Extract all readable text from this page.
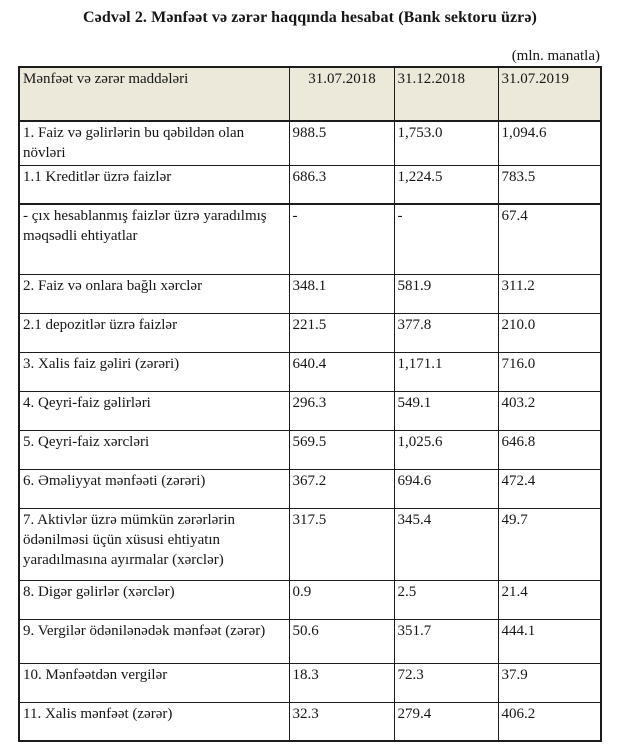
Cədvəl 2. Mənfəət və zərər haqqında hesabat (Bank sektoru üzrə)
(mln. manatla)
Mənfəət və zərər maddələri	31.07.2018	31.12.2018	31.07.2019
1. Faiz və gəlirlərin bu qəbildən olan növləri	988.5	1,753.0	1,094.6
1.1 Kreditlər üzrə faizlər	686.3	1,224.5	783.5
- çıx hesablanmış faizlər üzrə yaradılmış məqsədli ehtiyatlar	-	-	67.4
2. Faiz və onlara bağlı xərclər	348.1	581.9	311.2
2.1 depozitlər üzrə faizlər	221.5	377.8	210.0
3. Xalis faiz gəliri (zərəri)	640.4	1,171.1	716.0
4. Qeyri-faiz gəlirləri	296.3	549.1	403.2
5. Qeyri-faiz xərcləri	569.5	1,025.6	646.8
6. Əməliyyat mənfəəti (zərəri)	367.2	694.6	472.4
7. Aktivlər üzrə mümkün zərərlərin ödənilməsi üçün xüsusi ehtiyatın yaradılmasına ayırmalar (xərclər)	317.5	345.4	49.7
8. Digər gəlirlər (xərclər)	0.9	2.5	21.4
9. Vergilər ödənilənədək mənfəət (zərər)	50.6	351.7	444.1
10. Mənfəətdən vergilər	18.3	72.3	37.9
11. Xalis mənfəət (zərər)	32.3	279.4	406.2
